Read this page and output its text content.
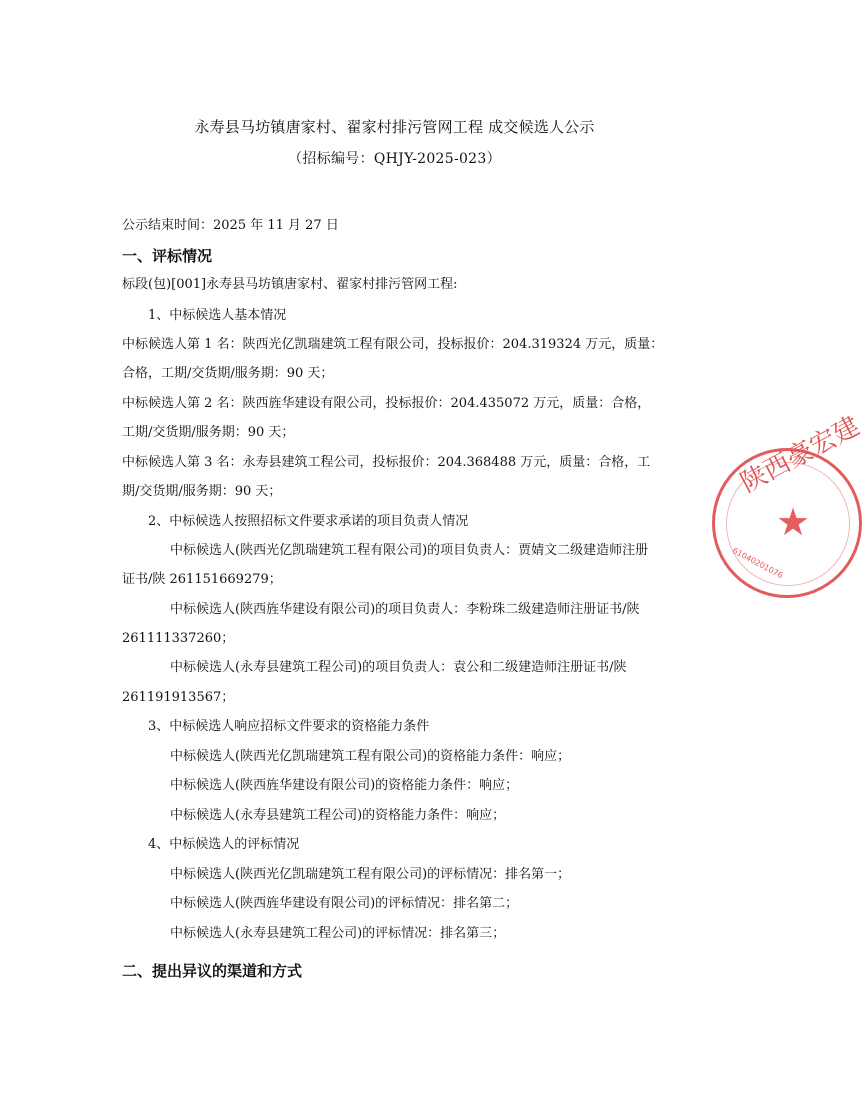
永寿县马坊镇唐家村、翟家村排污管网工程 成交候选人公示
（招标编号：QHJY-2025-023）
公示结束时间：2025 年 11 月 27 日
一、评标情况
标段(包)[001]永寿县马坊镇唐家村、翟家村排污管网工程:
1、中标候选人基本情况
中标候选人第 1 名：陕西光亿凯瑞建筑工程有限公司，投标报价：204.319324 万元，质量：
合格，工期/交货期/服务期：90 天；
中标候选人第 2 名：陕西旌华建设有限公司，投标报价：204.435072 万元，质量：合格，
工期/交货期/服务期：90 天；
中标候选人第 3 名：永寿县建筑工程公司，投标报价：204.368488 万元，质量：合格，工
期/交货期/服务期：90 天；
2、中标候选人按照招标文件要求承诺的项目负责人情况
中标候选人(陕西光亿凯瑞建筑工程有限公司)的项目负责人：贾婧文二级建造师注册
证书/陕 261151669279；
中标候选人(陕西旌华建设有限公司)的项目负责人：李粉珠二级建造师注册证书/陕
261111337260；
中标候选人(永寿县建筑工程公司)的项目负责人：袁公和二级建造师注册证书/陕
261191913567；
3、中标候选人响应招标文件要求的资格能力条件
中标候选人(陕西光亿凯瑞建筑工程有限公司)的资格能力条件：响应；
中标候选人(陕西旌华建设有限公司)的资格能力条件：响应；
中标候选人(永寿县建筑工程公司)的资格能力条件：响应；
4、中标候选人的评标情况
中标候选人(陕西光亿凯瑞建筑工程有限公司)的评标情况：排名第一；
中标候选人(陕西旌华建设有限公司)的评标情况：排名第二；
中标候选人(永寿县建筑工程公司)的评标情况：排名第三；
二、提出异议的渠道和方式
陕西豪宏建
61040201076
★
